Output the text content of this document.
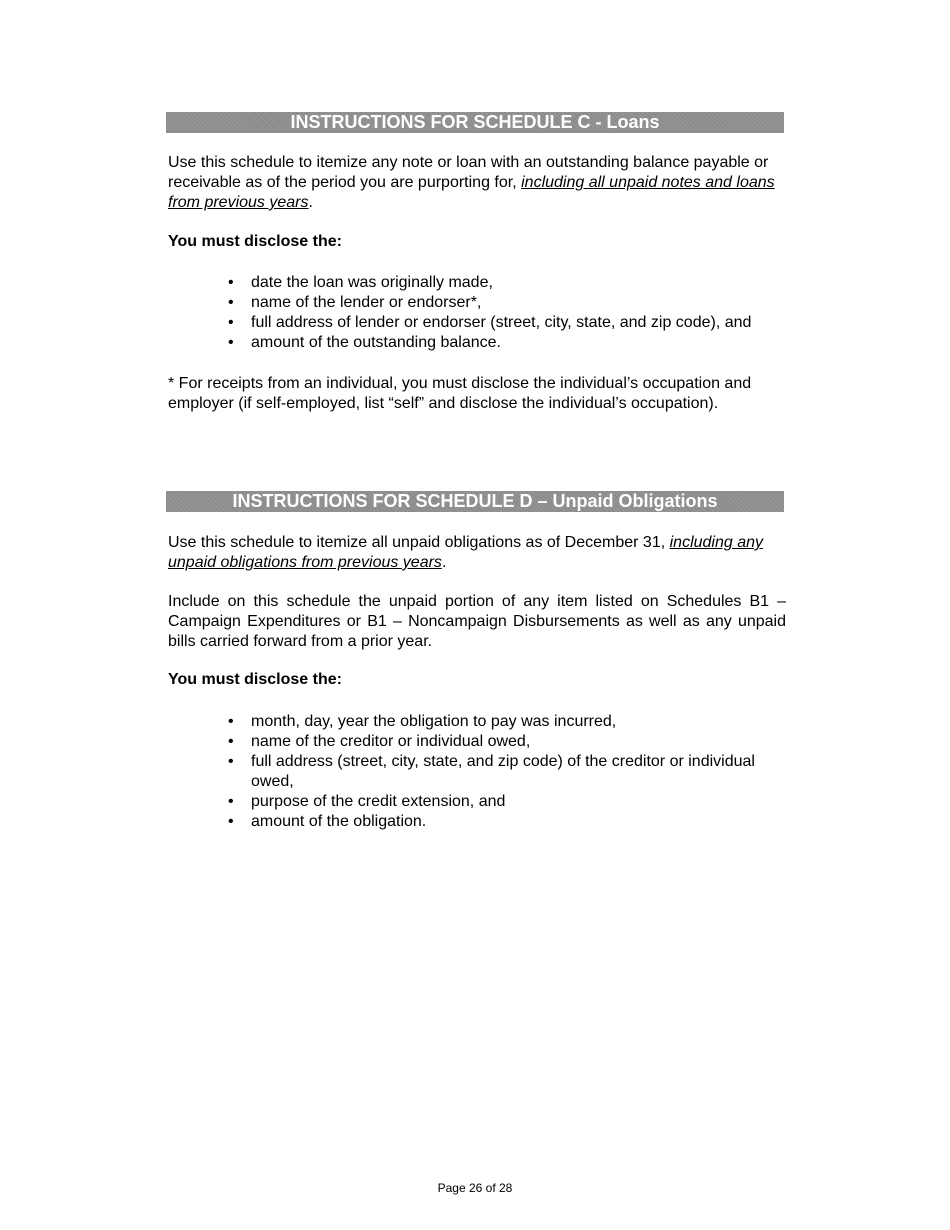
INSTRUCTIONS FOR SCHEDULE C - Loans

Use this schedule to itemize any note or loan with an outstanding balance payable or receivable as of the period you are purporting for, including all unpaid notes and loans from previous years.

You must disclose the:
• date the loan was originally made,
• name of the lender or endorser*,
• full address of lender or endorser (street, city, state, and zip code), and
• amount of the outstanding balance.

* For receipts from an individual, you must disclose the individual’s occupation and employer (if self-employed, list “self” and disclose the individual’s occupation).

INSTRUCTIONS FOR SCHEDULE D – Unpaid Obligations

Use this schedule to itemize all unpaid obligations as of December 31, including any unpaid obligations from previous years.

Include on this schedule the unpaid portion of any item listed on Schedules B1 – Campaign Expenditures or B1 – Noncampaign Disbursements as well as any unpaid bills carried forward from a prior year.

You must disclose the:
• month, day, year the obligation to pay was incurred,
• name of the creditor or individual owed,
• full address (street, city, state, and zip code) of the creditor or individual owed,
• purpose of the credit extension, and
• amount of the obligation.
Page 26 of 28
